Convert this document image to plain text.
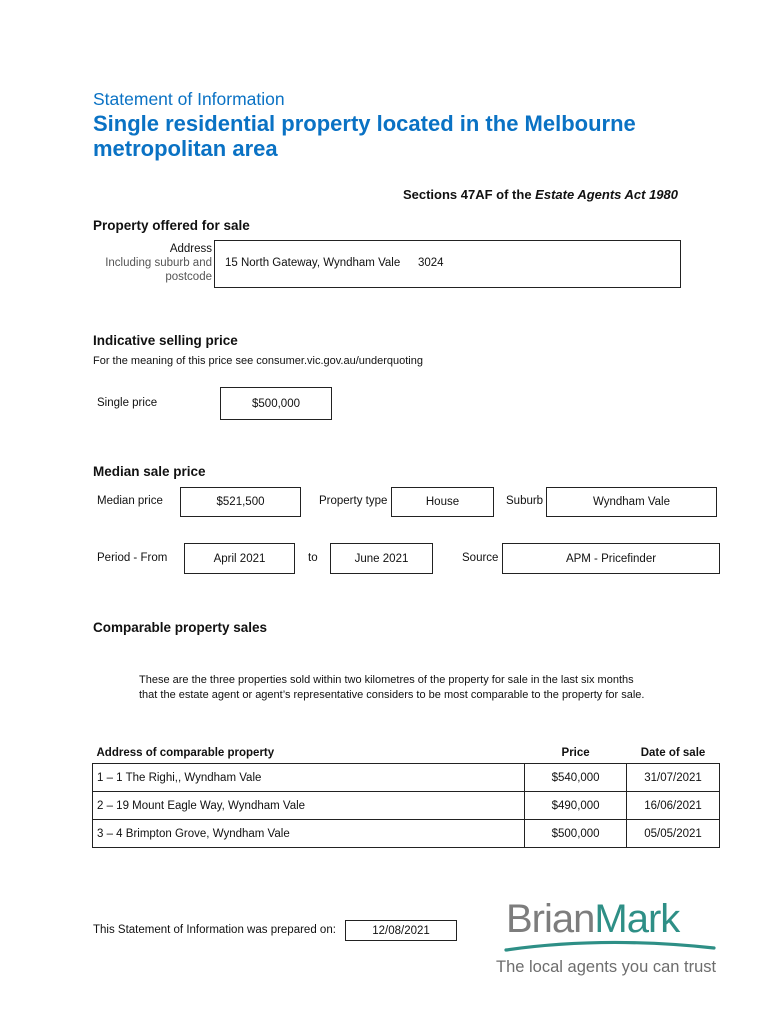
Statement of Information
Single residential property located in the Melbourne metropolitan area
Sections 47AF of the Estate Agents Act 1980
Property offered for sale
Address
Including suburb and
postcode
15 North Gateway, Wyndham Vale 3024
Indicative selling price
For the meaning of this price see consumer.vic.gov.au/underquoting
Single price	$500,000
Median sale price
Median price	$521,500	Property type	House	Suburb	Wyndham Vale
Period - From	April 2021	to	June 2021	Source	APM - Pricefinder
Comparable property sales
These are the three properties sold within two kilometres of the property for sale in the last six months
that the estate agent or agent’s representative considers to be most comparable to the property for sale.
Address of comparable property	Price	Date of sale
1 – 1 The Righi,, Wyndham Vale	$540,000	31/07/2021
2 – 19 Mount Eagle Way, Wyndham Vale	$490,000	16/06/2021
3 – 4 Brimpton Grove, Wyndham Vale	$500,000	05/05/2021
This Statement of Information was prepared on:	12/08/2021	BrianMark
The local agents you can trust
